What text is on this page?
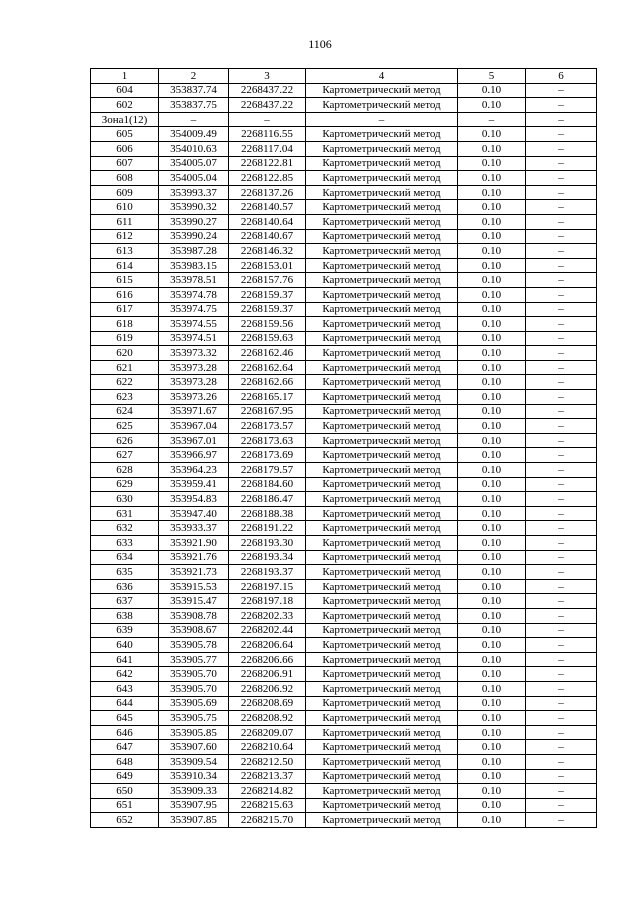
1106
1	2	3	4	5	6
604	353837.74	2268437.22	Картометрический метод	0.10	–
602	353837.75	2268437.22	Картометрический метод	0.10	–
Зона1(12)	–	–	–	–	–
605	354009.49	2268116.55	Картометрический метод	0.10	–
606	354010.63	2268117.04	Картометрический метод	0.10	–
607	354005.07	2268122.81	Картометрический метод	0.10	–
608	354005.04	2268122.85	Картометрический метод	0.10	–
609	353993.37	2268137.26	Картометрический метод	0.10	–
610	353990.32	2268140.57	Картометрический метод	0.10	–
611	353990.27	2268140.64	Картометрический метод	0.10	–
612	353990.24	2268140.67	Картометрический метод	0.10	–
613	353987.28	2268146.32	Картометрический метод	0.10	–
614	353983.15	2268153.01	Картометрический метод	0.10	–
615	353978.51	2268157.76	Картометрический метод	0.10	–
616	353974.78	2268159.37	Картометрический метод	0.10	–
617	353974.75	2268159.37	Картометрический метод	0.10	–
618	353974.55	2268159.56	Картометрический метод	0.10	–
619	353974.51	2268159.63	Картометрический метод	0.10	–
620	353973.32	2268162.46	Картометрический метод	0.10	–
621	353973.28	2268162.64	Картометрический метод	0.10	–
622	353973.28	2268162.66	Картометрический метод	0.10	–
623	353973.26	2268165.17	Картометрический метод	0.10	–
624	353971.67	2268167.95	Картометрический метод	0.10	–
625	353967.04	2268173.57	Картометрический метод	0.10	–
626	353967.01	2268173.63	Картометрический метод	0.10	–
627	353966.97	2268173.69	Картометрический метод	0.10	–
628	353964.23	2268179.57	Картометрический метод	0.10	–
629	353959.41	2268184.60	Картометрический метод	0.10	–
630	353954.83	2268186.47	Картометрический метод	0.10	–
631	353947.40	2268188.38	Картометрический метод	0.10	–
632	353933.37	2268191.22	Картометрический метод	0.10	–
633	353921.90	2268193.30	Картометрический метод	0.10	–
634	353921.76	2268193.34	Картометрический метод	0.10	–
635	353921.73	2268193.37	Картометрический метод	0.10	–
636	353915.53	2268197.15	Картометрический метод	0.10	–
637	353915.47	2268197.18	Картометрический метод	0.10	–
638	353908.78	2268202.33	Картометрический метод	0.10	–
639	353908.67	2268202.44	Картометрический метод	0.10	–
640	353905.78	2268206.64	Картометрический метод	0.10	–
641	353905.77	2268206.66	Картометрический метод	0.10	–
642	353905.70	2268206.91	Картометрический метод	0.10	–
643	353905.70	2268206.92	Картометрический метод	0.10	–
644	353905.69	2268208.69	Картометрический метод	0.10	–
645	353905.75	2268208.92	Картометрический метод	0.10	–
646	353905.85	2268209.07	Картометрический метод	0.10	–
647	353907.60	2268210.64	Картометрический метод	0.10	–
648	353909.54	2268212.50	Картометрический метод	0.10	–
649	353910.34	2268213.37	Картометрический метод	0.10	–
650	353909.33	2268214.82	Картометрический метод	0.10	–
651	353907.95	2268215.63	Картометрический метод	0.10	–
652	353907.85	2268215.70	Картометрический метод	0.10	–
